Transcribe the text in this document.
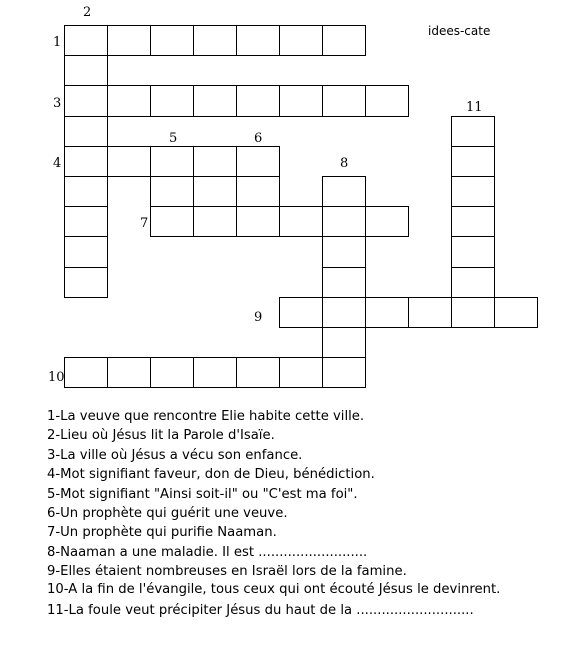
1
2
3
4
5	6
7
8
9
10
11
idees-cate

1-La veuve que rencontre Elie habite cette ville.

2-Lieu où Jésus lit la Parole d'Isaïe.

3-La ville où Jésus a vécu son enfance.

4-Mot signifiant faveur, don de Dieu, bénédiction.

5-Mot signifiant "Ainsi soit-il" ou "C'est ma foi".

6-Un prophète qui guérit une veuve.

7-Un prophète qui purifie Naaman.

8-Naaman a une maladie. Il est ..........................

9-Elles étaient nombreuses en Israël lors de la famine.

10-A la fin de l'évangile, tous ceux qui ont écouté Jésus le devinrent.

11-La foule veut précipiter Jésus du haut de la ............................
